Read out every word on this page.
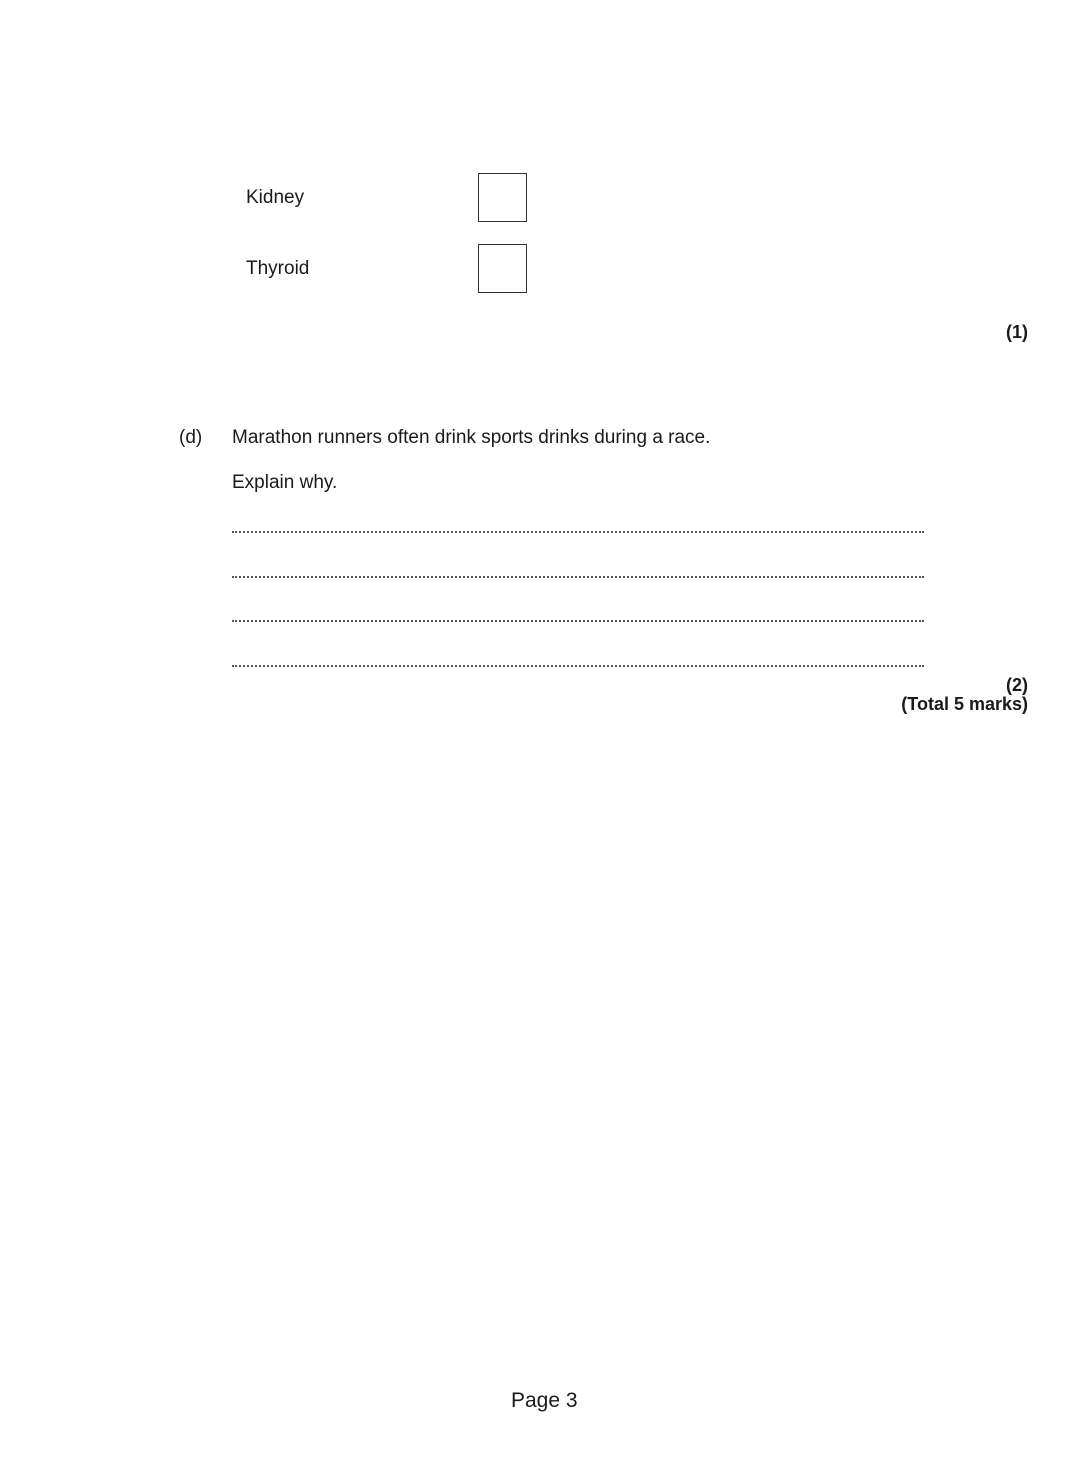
Kidney
Thyroid
(1)
(d) Marathon runners often drink sports drinks during a race.
Explain why.
(2)
(Total 5 marks)
Page 3
